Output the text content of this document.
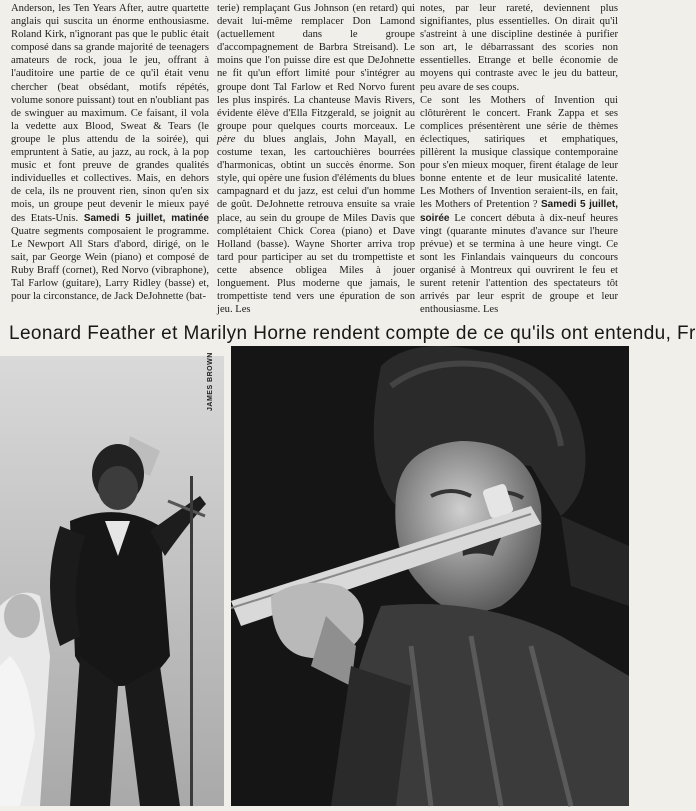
Anderson, les Ten Years After, autre quartette anglais qui suscita un énorme enthousiasme. Roland Kirk, n'ignorant pas que le public était composé dans sa grande majorité de teenagers amateurs de rock, joua le jeu, offrant à l'auditoire une partie de ce qu'il était venu chercher (beat obsédant, motifs répétés, volume sonore puissant) tout en n'oubliant pas de swinguer au maximum. Ce faisant, il vola la vedette aux Blood, Sweat & Tears (le groupe le plus attendu de la soirée), qui empruntent à Satie, au jazz, au rock, à la pop music et font preuve de grandes qualités individuelles et collectives. Mais, en dehors de cela, ils ne prouvent rien, sinon qu'en six mois, un groupe peut devenir le mieux payé des Etats-Unis. Samedi 5 juillet, matinée Quatre segments composaient le programme. Le Newport All Stars d'abord, dirigé, on le sait, par George Wein (piano) et composé de Ruby Braff (cornet), Red Norvo (vibraphone), Tal Farlow (guitare), Larry Ridley (basse) et, pour la circonstance, de Jack DeJohnette (bat-

terie) remplaçant Gus Johnson (en retard) qui devait lui-même remplacer Don Lamond (actuellement dans le groupe d'accompagnement de Barbra Streisand). Le moins que l'on puisse dire est que DeJohnette ne fit qu'un effort limité pour s'intégrer au groupe dont Tal Farlow et Red Norvo furent les plus inspirés. La chanteuse Mavis Rivers, évidente élève d'Ella Fitzgerald, se joignit au groupe pour quelques courts morceaux. Le père du blues anglais, John Mayall, en costume texan, les cartouchières bourrées d'harmonicas, obtint un succès énorme. Son style, qui opère une fusion d'éléments du blues campagnard et du jazz, est celui d'un homme de goût. DeJohnette retrouva ensuite sa vraie place, au sein du groupe de Miles Davis que complétaient Chick Corea (piano) et Dave Holland (basse). Wayne Shorter arriva trop tard pour participer au set du trompettiste et cette absence obligea Miles à jouer longuement. Plus moderne que jamais, le trompettiste tend vers une épuration de son jeu. Les

notes, par leur rareté, deviennent plus signifiantes, plus essentielles. On dirait qu'il s'astreint à une discipline destinée à purifier son art, le débarrassant des scories non essentielles. Etrange et belle économie de moyens qui contraste avec le jeu du batteur, peu avare de ses coups.

Ce sont les Mothers of Invention qui clôturèrent le concert. Frank Zappa et ses complices présentèrent une série de thèmes éclectiques, satiriques et emphatiques, pillèrent la musique classique contemporaine pour s'en mieux moquer, firent étalage de leur bonne entente et de leur musicalité latente. Les Mothers of Invention seraient-ils, en fait, les Mothers of Pretention ? Samedi 5 juillet, soirée Le concert débuta à dix-neuf heures vingt (quarante minutes d'avance sur l'heure prévue) et se termina à une heure vingt. Ce sont les Finlandais vainqueurs du concours organisé à Montreux qui ouvrirent le feu et surent retenir l'attention des spectateurs tôt arrivés par leur esprit de groupe et leur enthousiasme. Les

Leonard Feather et Marilyn Horne rendent compte de ce qu'ils ont entendu, Fr
JAMES BROWN
